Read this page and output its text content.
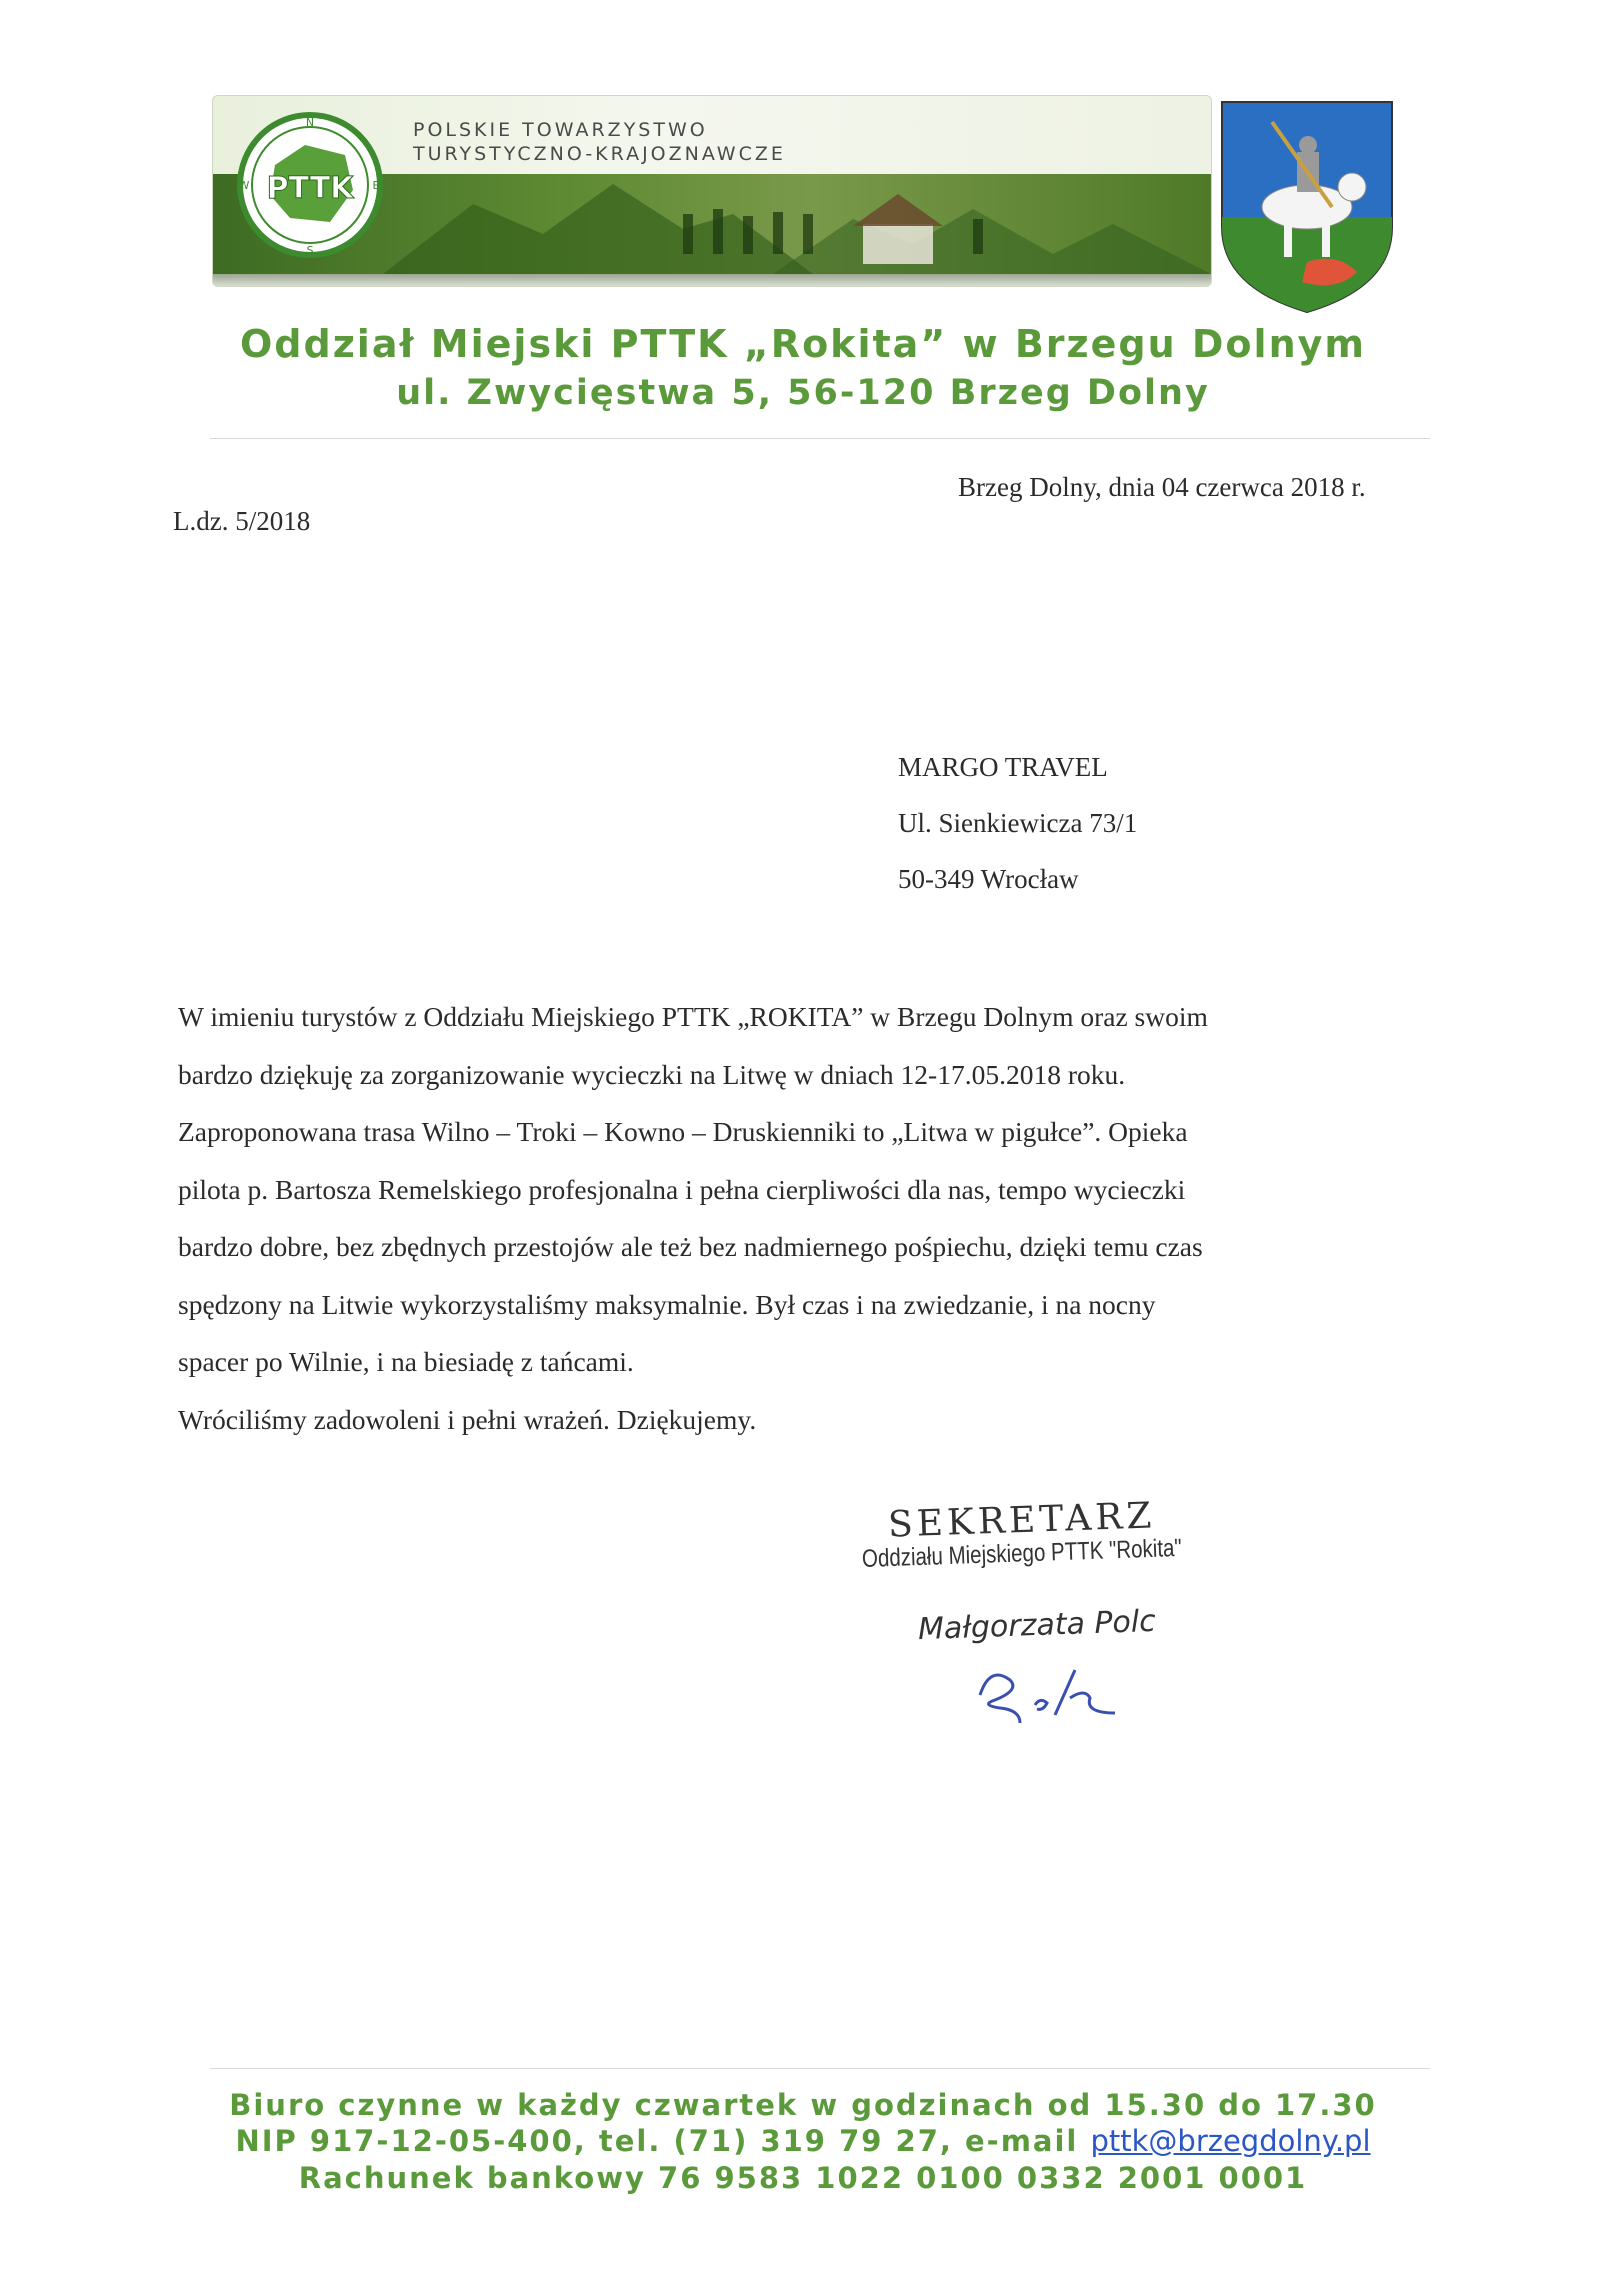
POLSKIE TOWARZYSTWO
TURYSTYCZNO-KRAJOZNAWCZE
PTTK
N
S
W	E
Oddział Miejski PTTK „Rokita” w Brzegu Dolnym
ul. Zwycięstwa 5, 56-120 Brzeg Dolny
Brzeg Dolny, dnia 04 czerwca 2018 r.
L.dz. 5/2018
MARGO TRAVEL
Ul. Sienkiewicza 73/1
50-349 Wrocław
W imieniu turystów z Oddziału Miejskiego PTTK „ROKITA” w Brzegu Dolnym oraz swoim
bardzo dziękuję za zorganizowanie wycieczki na Litwę w dniach 12-17.05.2018 roku.
Zaproponowana trasa Wilno – Troki – Kowno – Druskienniki to „Litwa w pigułce”. Opieka
pilota p. Bartosza Remelskiego profesjonalna i pełna cierpliwości dla nas, tempo wycieczki
bardzo dobre, bez zbędnych przestojów ale też bez nadmiernego pośpiechu, dzięki temu czas
spędzony na Litwie wykorzystaliśmy maksymalnie. Był czas i na zwiedzanie, i na nocny
spacer po Wilnie, i na biesiadę z tańcami.
Wróciliśmy zadowoleni i pełni wrażeń. Dziękujemy.
SEKRETARZ
Oddziału Miejskiego PTTK "Rokita"
Małgorzata Polc
Biuro czynne w każdy czwartek w godzinach od 15.30 do 17.30
NIP 917-12-05-400, tel. (71) 319 79 27, e-mail pttk@brzegdolny.pl
Rachunek bankowy 76 9583 1022 0100 0332 2001 0001
